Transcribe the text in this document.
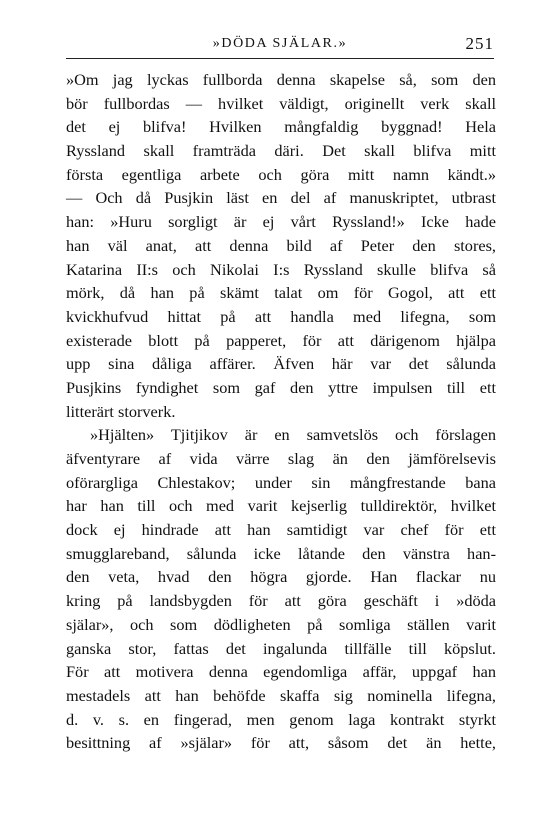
»DÖDA SJÄLAR.»	251
»Om jag lyckas fullborda denna skapelse så, som den
bör fullbordas — hvilket väldigt, originellt verk skall
det ej blifva! Hvilken mångfaldig byggnad! Hela
Ryssland skall framträda däri. Det skall blifva mitt
första egentliga arbete och göra mitt namn kändt.»
— Och då Pusjkin läst en del af manuskriptet, utbrast
han: »Huru sorgligt är ej vårt Ryssland!» Icke hade
han väl anat, att denna bild af Peter den stores,
Katarina II:s och Nikolai I:s Ryssland skulle blifva så
mörk, då han på skämt talat om för Gogol, att ett
kvickhufvud hittat på att handla med lifegna, som
existerade blott på papperet, för att därigenom hjälpa
upp sina dåliga affärer. Äfven här var det sålunda
Pusjkins fyndighet som gaf den yttre impulsen till ett
litterärt storverk.
»Hjälten» Tjitjikov är en samvetslös och förslagen
äfventyrare af vida värre slag än den jämförelsevis
oförargliga Chlestakov; under sin mångfrestande bana
har han till och med varit kejserlig tulldirektör, hvilket
dock ej hindrade att han samtidigt var chef för ett
smugglareband, sålunda icke låtande den vänstra han-
den veta, hvad den högra gjorde. Han flackar nu
kring på landsbygden för att göra geschäft i »döda
själar», och som dödligheten på somliga ställen varit
ganska stor, fattas det ingalunda tillfälle till köpslut.
För att motivera denna egendomliga affär, uppgaf han
mestadels att han behöfde skaffa sig nominella lifegna,
d. v. s. en fingerad, men genom laga kontrakt styrkt
besittning af »själar» för att, såsom det än hette,
